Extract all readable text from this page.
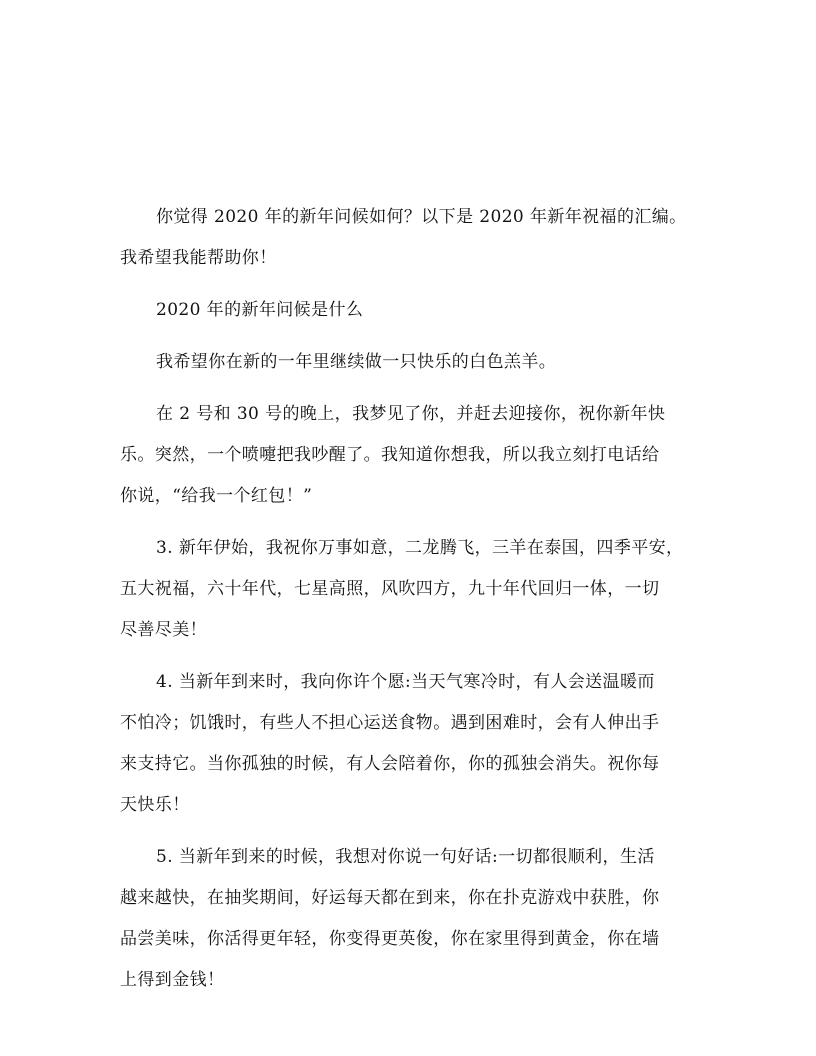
你觉得 2020 年的新年问候如何？以下是 2020 年新年祝福的汇编。
我希望我能帮助你！

2020 年的新年问候是什么

我希望你在新的一年里继续做一只快乐的白色羔羊。

在 2 号和 30 号的晚上，我梦见了你，并赶去迎接你，祝你新年快
乐。突然，一个喷嚏把我吵醒了。我知道你想我，所以我立刻打电话给
你说，“给我一个红包！”

3. 新年伊始，我祝你万事如意，二龙腾飞，三羊在泰国，四季平安，
五大祝福，六十年代，七星高照，风吹四方，九十年代回归一体，一切
尽善尽美！

4. 当新年到来时，我向你许个愿:当天气寒冷时，有人会送温暖而
不怕冷；饥饿时，有些人不担心运送食物。遇到困难时，会有人伸出手
来支持它。当你孤独的时候，有人会陪着你，你的孤独会消失。祝你每
天快乐！

5. 当新年到来的时候，我想对你说一句好话:一切都很顺利，生活
越来越快，在抽奖期间，好运每天都在到来，你在扑克游戏中获胜，你
品尝美味，你活得更年轻，你变得更英俊，你在家里得到黄金，你在墙
上得到金钱！
